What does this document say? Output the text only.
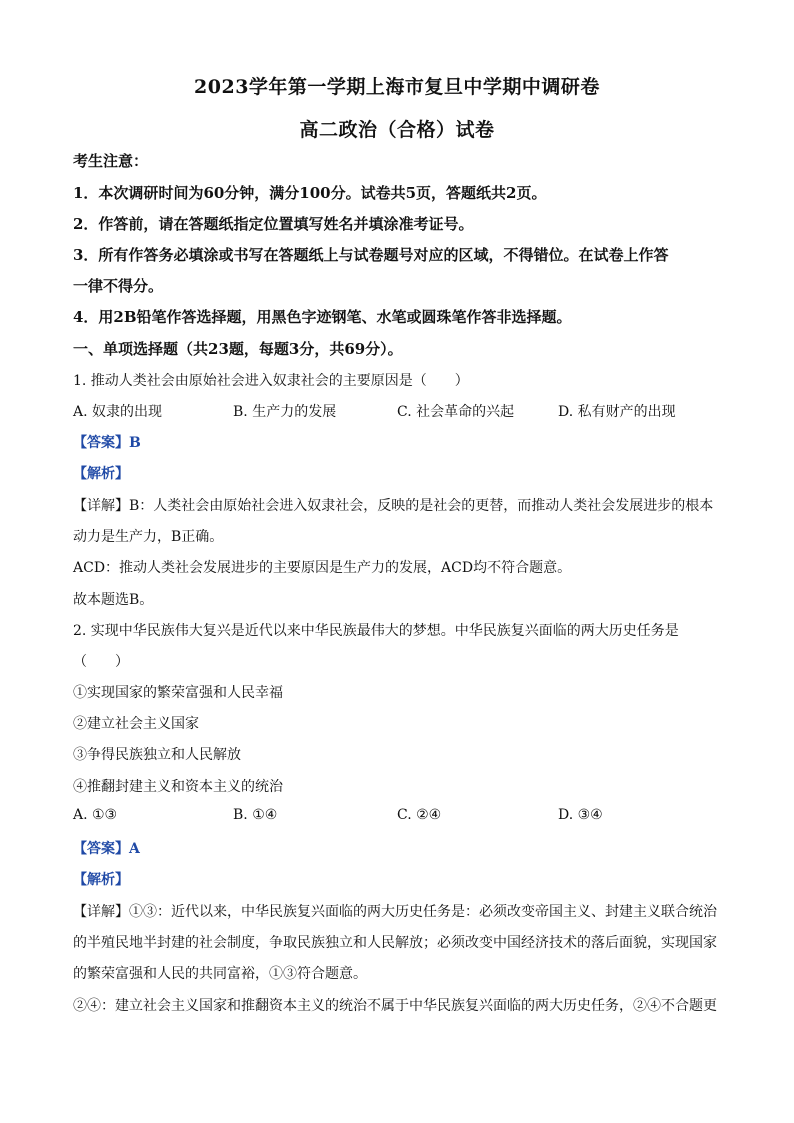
2023学年第一学期上海市复旦中学期中调研卷
高二政治（合格）试卷
考生注意：
1．本次调研时间为60分钟，满分100分。试卷共5页，答题纸共2页。
2．作答前，请在答题纸指定位置填写姓名并填涂准考证号。
3．所有作答务必填涂或书写在答题纸上与试卷题号对应的区域，不得错位。在试卷上作答
一律不得分。
4．用2B铅笔作答选择题，用黑色字迹钢笔、水笔或圆珠笔作答非选择题。
一、单项选择题（共23题，每题3分，共69分）。
1. 推动人类社会由原始社会进入奴隶社会的主要原因是（　　）
A. 奴隶的出现	B. 生产力的发展	C. 社会革命的兴起	D. 私有财产的出现
【答案】B
【解析】
【详解】B：人类社会由原始社会进入奴隶社会，反映的是社会的更替，而推动人类社会发展进步的根本
动力是生产力，B正确。
ACD：推动人类社会发展进步的主要原因是生产力的发展，ACD均不符合题意。
故本题选B。
2. 实现中华民族伟大复兴是近代以来中华民族最伟大的梦想。中华民族复兴面临的两大历史任务是
（　　）
①实现国家的繁荣富强和人民幸福
②建立社会主义国家
③争得民族独立和人民解放
④推翻封建主义和资本主义的统治
A. ①③	B. ①④	C. ②④	D. ③④
【答案】A
【解析】
【详解】①③：近代以来，中华民族复兴面临的两大历史任务是：必须改变帝国主义、封建主义联合统治
的半殖民地半封建的社会制度，争取民族独立和人民解放；必须改变中国经济技术的落后面貌，实现国家
的繁荣富强和人民的共同富裕，①③符合题意。
②④：建立社会主义国家和推翻资本主义的统治不属于中华民族复兴面临的两大历史任务，②④不合题更
